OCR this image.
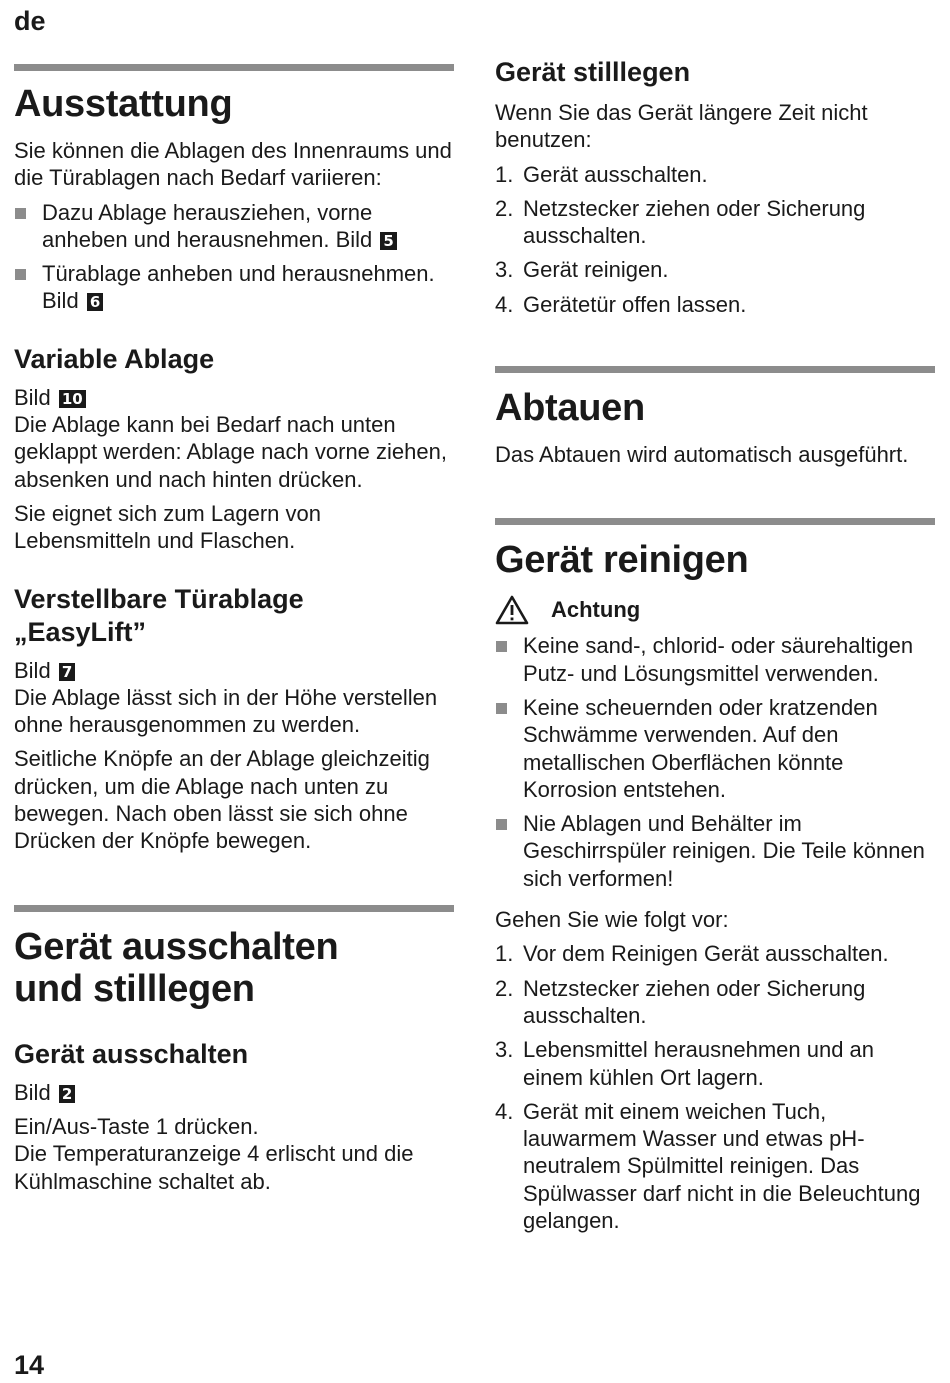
de
Ausstattung

Sie können die Ablagen des Innenraums und die Türablagen nach Bedarf variieren:

Dazu Ablage herausziehen, vorne anheben und herausnehmen. Bild 5
Türablage anheben und herausnehmen. Bild 6
Variable Ablage

Bild 10

Die Ablage kann bei Bedarf nach unten geklappt werden: Ablage nach vorne ziehen, absenken und nach hinten drücken.

Sie eignet sich zum Lagern von Lebensmitteln und Flaschen.

Verstellbare Türablage
„EasyLift”

Bild 7

Die Ablage lässt sich in der Höhe verstellen ohne herausgenommen zu werden.

Seitliche Knöpfe an der Ablage gleichzeitig drücken, um die Ablage nach unten zu bewegen. Nach oben lässt sie sich ohne Drücken der Knöpfe bewegen.

Gerät ausschalten
und stilllegen
Gerät ausschalten

Bild 2

Ein/Aus-Taste 1 drücken.

Die Temperaturanzeige 4 erlischt und die Kühlmaschine schaltet ab.

Gerät stilllegen

Wenn Sie das Gerät längere Zeit nicht benutzen:

1. Gerät ausschalten.
2. Netzstecker ziehen oder Sicherung ausschalten.
3. Gerät reinigen.
4. Gerätetür offen lassen.
Abtauen

Das Abtauen wird automatisch ausgeführt.

Gerät reinigen
Achtung
Keine sand-, chlorid- oder säurehaltigen Putz- und Lösungsmittel verwenden.
Keine scheuernden oder kratzenden Schwämme verwenden. Auf den metallischen Oberflächen könnte Korrosion entstehen.
Nie Ablagen und Behälter im Geschirrspüler reinigen. Die Teile können sich verformen!

Gehen Sie wie folgt vor:

1. Vor dem Reinigen Gerät ausschalten.
2. Netzstecker ziehen oder Sicherung ausschalten.
3. Lebensmittel herausnehmen und an einem kühlen Ort lagern.
4. Gerät mit einem weichen Tuch, lauwarmem Wasser und etwas pH-neutralem Spülmittel reinigen. Das Spülwasser darf nicht in die Beleuchtung gelangen.
14
